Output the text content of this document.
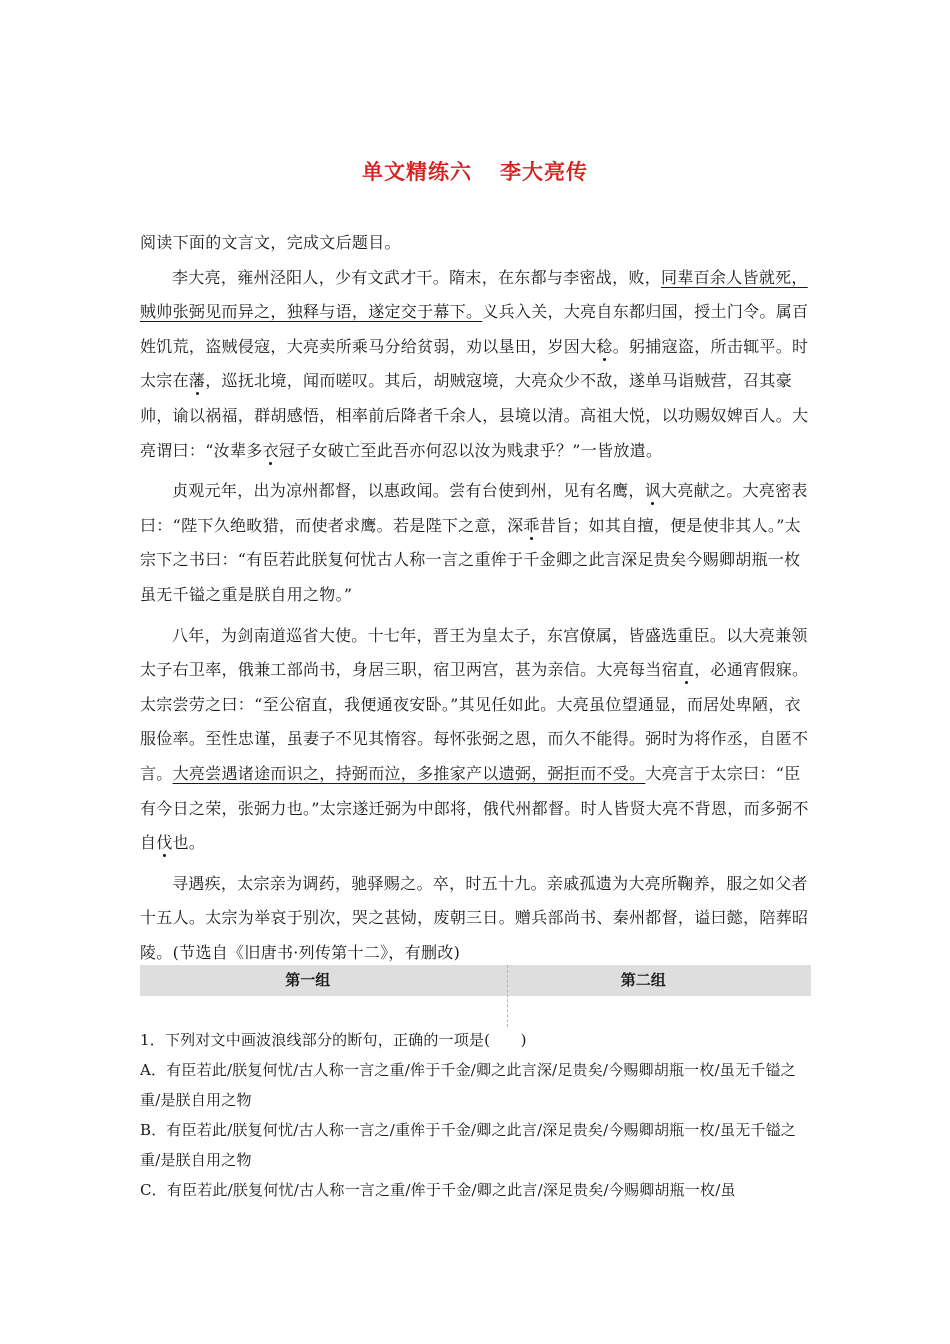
单文精练六 李大亮传

阅读下面的文言文，完成文后题目。

李大亮，雍州泾阳人，少有文武才干。隋末，在东都与李密战，败，同辈百余人皆就死，贼帅张弼见而异之，独释与语，遂定交于幕下。义兵入关，大亮自东都归国，授土门令。属百姓饥荒，盗贼侵寇，大亮卖所乘马分给贫弱，劝以垦田，岁因大稔。躬捕寇盗，所击辄平。时太宗在藩，巡抚北境，闻而嗟叹。其后，胡贼寇境，大亮众少不敌，遂单马诣贼营，召其豪帅，谕以祸福，群胡感悟，相率前后降者千余人，县境以清。高祖大悦，以功赐奴婢百人。大亮谓曰：“汝辈多衣冠子女破亡至此吾亦何忍以汝为贱隶乎？”一皆放遣。

贞观元年，出为凉州都督，以惠政闻。尝有台使到州，见有名鹰，讽大亮献之。大亮密表曰：“陛下久绝畋猎，而使者求鹰。若是陛下之意，深乖昔旨；如其自擅，便是使非其人。”太宗下之书曰：“有臣若此朕复何忧古人称一言之重侔于千金卿之此言深足贵矣今赐卿胡瓶一枚虽无千镒之重是朕自用之物。”

八年，为剑南道巡省大使。十七年，晋王为皇太子，东宫僚属，皆盛选重臣。以大亮兼领太子右卫率，俄兼工部尚书，身居三职，宿卫两宫，甚为亲信。大亮每当宿直，必通宵假寐。太宗尝劳之曰：“至公宿直，我便通夜安卧。”其见任如此。大亮虽位望通显，而居处卑陋，衣服俭率。至性忠谨，虽妻子不见其惰容。每怀张弼之恩，而久不能得。弼时为将作丞，自匿不言。大亮尝遇诸途而识之，持弼而泣，多推家产以遗弼，弼拒而不受。大亮言于太宗曰：“臣有今日之荣，张弼力也。”太宗遂迁弼为中郎将，俄代州都督。时人皆贤大亮不背恩，而多弼不自伐也。

寻遇疾，太宗亲为调药，驰驿赐之。卒，时五十九。亲戚孤遗为大亮所鞠养，服之如父者十五人。太宗为举哀于别次，哭之甚恸，废朝三日。赠兵部尚书、秦州都督，谥曰懿，陪葬昭陵。(节选自《旧唐书·列传第十二》，有删改)

第一组	第二组

1．下列对文中画波浪线部分的断句，正确的一项是(　　)

A．有臣若此/朕复何忧/古人称一言之重/侔于千金/卿之此言深/足贵矣/今赐卿胡瓶一枚/虽无千镒之重/是朕自用之物

B．有臣若此/朕复何忧/古人称一言之/重侔于千金/卿之此言/深足贵矣/今赐卿胡瓶一枚/虽无千镒之重/是朕自用之物

C．有臣若此/朕复何忧/古人称一言之重/侔于千金/卿之此言/深足贵矣/今赐卿胡瓶一枚/虽
